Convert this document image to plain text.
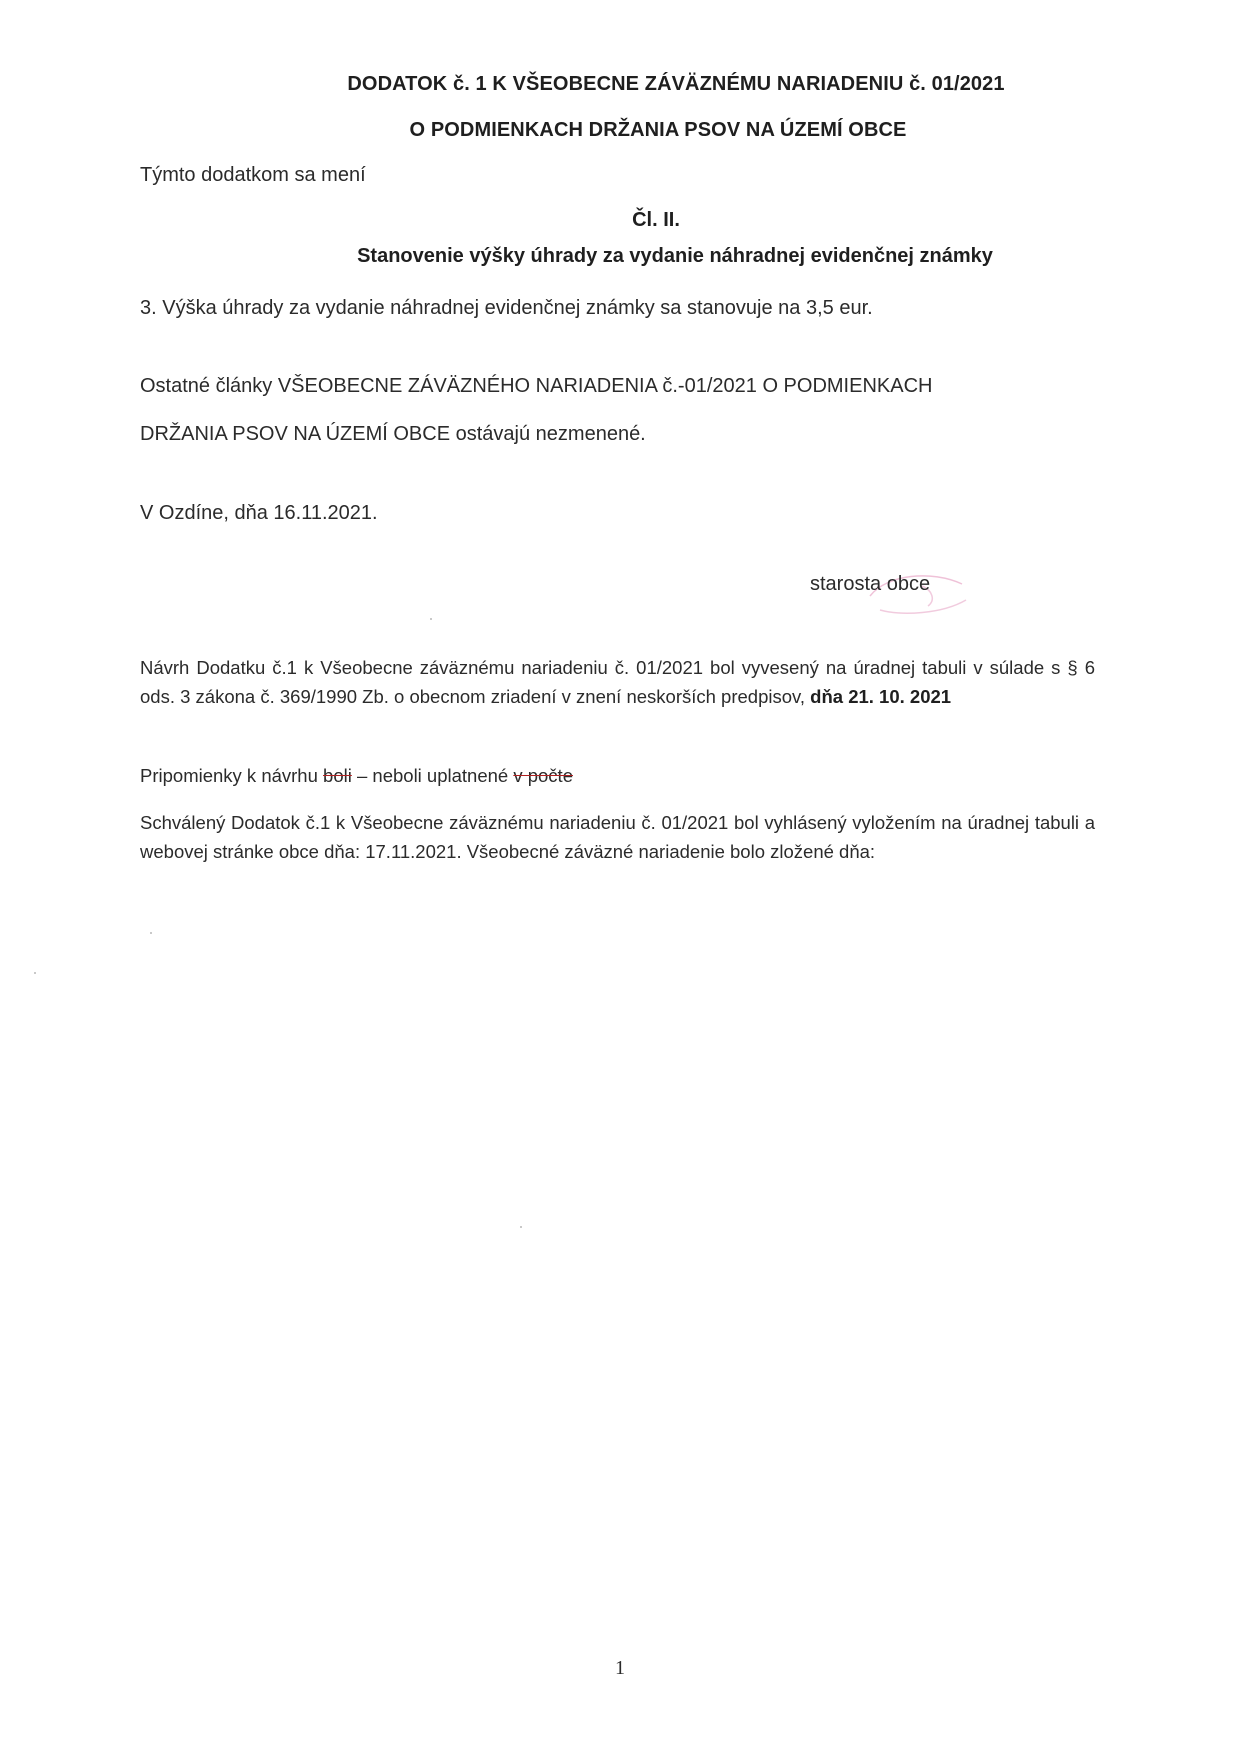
DODATOK č. 1 K VŠEOBECNE ZÁVÄZNÉMU NARIADENIU č. 01/2021
O PODMIENKACH DRŽANIA PSOV NA ÚZEMÍ OBCE
Týmto dodatkom sa mení
Čl. II.
Stanovenie výšky úhrady za vydanie náhradnej evidenčnej známky
3. Výška úhrady za vydanie náhradnej evidenčnej známky sa stanovuje na 3,5 eur.
Ostatné články VŠEOBECNE ZÁVÄZNÉHO NARIADENIA č.-01/2021 O PODMIENKACH
DRŽANIA PSOV NA ÚZEMÍ OBCE ostávajú nezmenené.
V Ozdíne, dňa 16.11.2021.
starosta obce
Návrh Dodatku č.1 k Všeobecne záväznému nariadeniu č. 01/2021 bol vyvesený na úradnej tabuli v súlade s § 6 ods. 3 zákona č. 369/1990 Zb. o obecnom zriadení v znení neskorších predpisov, dňa 21. 10. 2021
Pripomienky k návrhu boli – neboli uplatnené v počte
Schválený Dodatok č.1 k Všeobecne záväznému nariadeniu č. 01/2021 bol vyhlásený vyložením na úradnej tabuli a webovej stránke obce dňa: 17.11.2021. Všeobecné záväzné nariadenie bolo zložené dňa:
1
